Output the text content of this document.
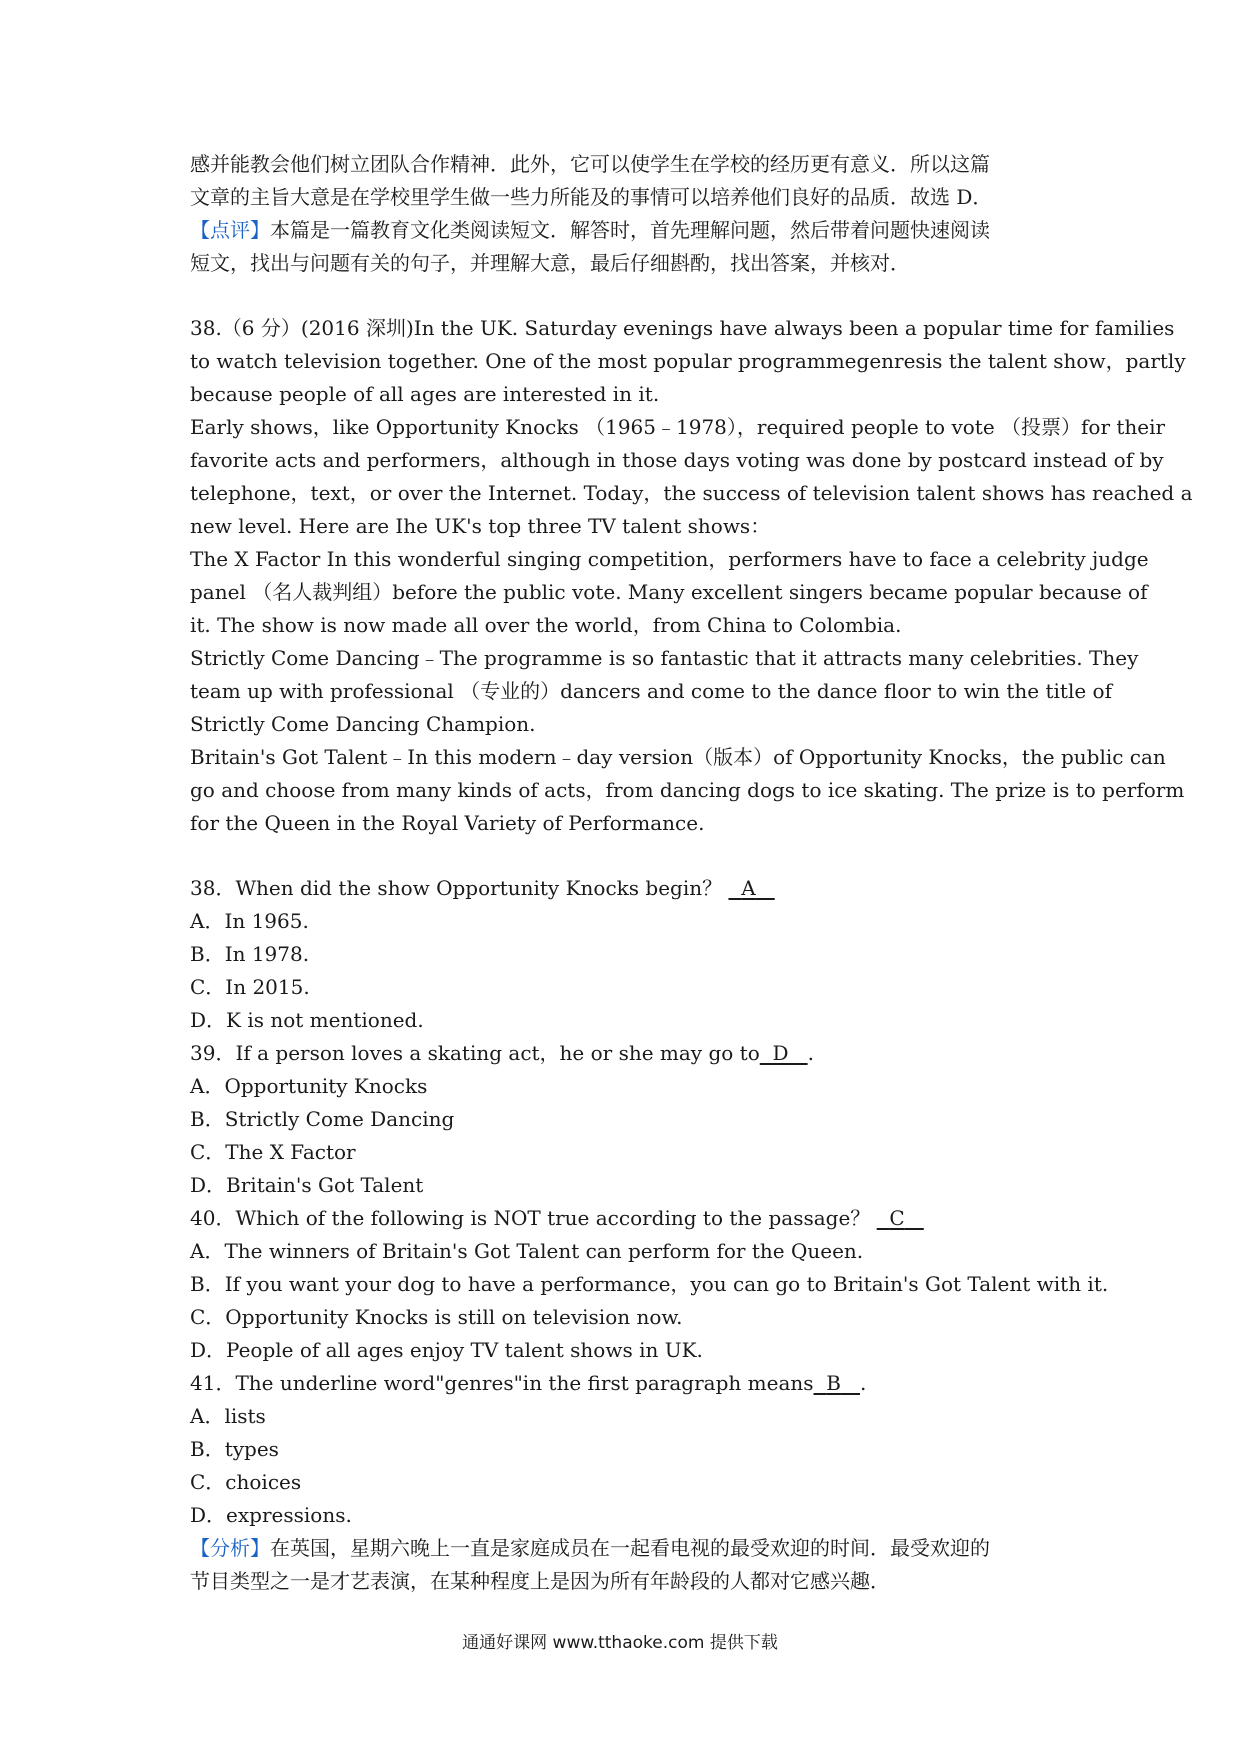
感并能教会他们树立团队合作精神．此外，它可以使学生在学校的经历更有意义．所以这篇
文章的主旨大意是在学校里学生做一些力所能及的事情可以培养他们良好的品质．故选 D．
【点评】本篇是一篇教育文化类阅读短文．解答时，首先理解问题，然后带着问题快速阅读
短文，找出与问题有关的句子，并理解大意，最后仔细斟酌，找出答案，并核对．
38.（6 分）(2016 深圳)In the UK. Saturday evenings have always been a popular time for families
to watch television together. One of the most popular programmegenresis the talent show，partly
because people of all ages are interested in it.
Early shows，like Opportunity Knocks （1965﹣1978），required people to vote （投票）for their
favorite acts and performers，although in those days voting was done by postcard instead of by
telephone，text，or over the Internet. Today，the success of television talent shows has reached a
new level. Here are Ihe UK's top three TV talent shows：
The X Factor In this wonderful singing competition，performers have to face a celebrity judge
panel （名人裁判组）before the public vote. Many excellent singers became popular because of
it. The show is now made all over the world，from China to Colombia.
Strictly Come Dancing﹣The programme is so fantastic that it attracts many celebrities. They
team up with professional （专业的）dancers and come to the dance floor to win the title of
Strictly Come Dancing Champion.
Britain's Got Talent﹣In this modern﹣day version（版本）of Opportunity Knocks，the public can
go and choose from many kinds of acts，from dancing dogs to ice skating. The prize is to perform
for the Queen in the Royal Variety of Performance.
38．When did the show Opportunity Knocks begin？ A
A．In 1965.
B．In 1978.
C．In 2015.
D．K is not mentioned.
39．If a person loves a skating act，he or she may go to D .
A．Opportunity Knocks
B．Strictly Come Dancing
C．The X Factor
D．Britain's Got Talent
40．Which of the following is NOT true according to the passage？ C
A．The winners of Britain's Got Talent can perform for the Queen.
B．If you want your dog to have a performance，you can go to Britain's Got Talent with it.
C．Opportunity Knocks is still on television now.
D．People of all ages enjoy TV talent shows in UK.
41．The underline word"genres"in the first paragraph means B .
A．lists
B．types
C．choices
D．expressions.
【分析】在英国，星期六晚上一直是家庭成员在一起看电视的最受欢迎的时间．最受欢迎的
节目类型之一是才艺表演，在某种程度上是因为所有年龄段的人都对它感兴趣．
通通好课网 www.tthaoke.com 提供下载
